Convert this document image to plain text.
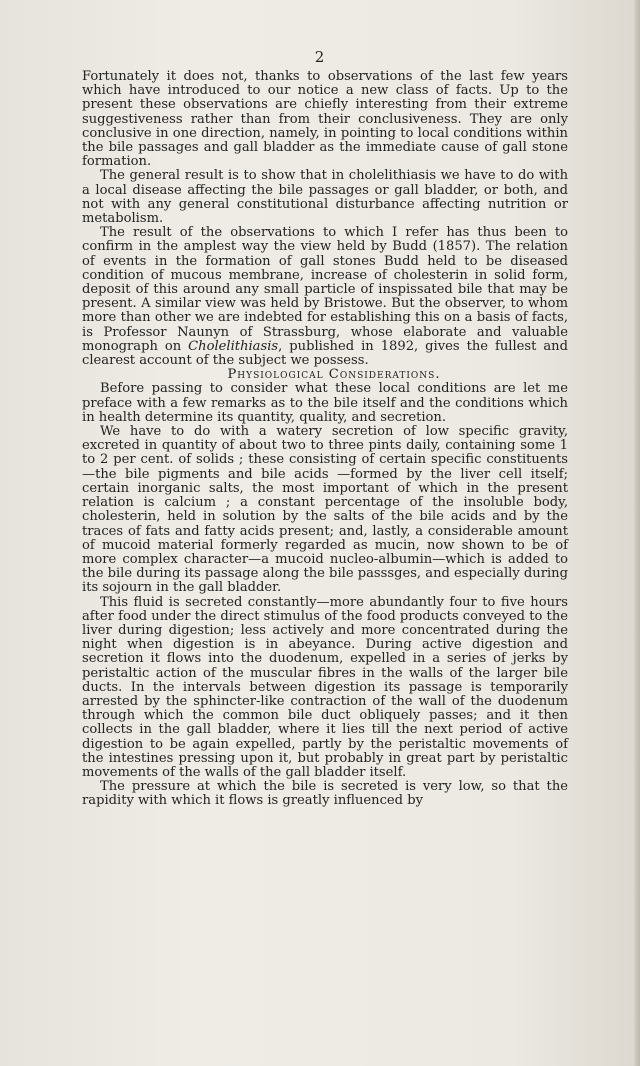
2

Fortunately it does not, thanks to observations of the last few years which have introduced to our notice a new class of facts. Up to the present these observations are chiefly interesting from their extreme suggestiveness rather than from their conclusiveness. They are only conclusive in one direction, namely, in pointing to local conditions within the bile passages and gall bladder as the immediate cause of gall stone formation.

The general result is to show that in cholelithiasis we have to do with a local disease affecting the bile passages or gall bladder, or both, and not with any general constitutional disturbance affecting nutrition or metabolism.

The result of the observations to which I refer has thus been to confirm in the amplest way the view held by Budd (1857). The relation of events in the formation of gall stones Budd held to be diseased condition of mucous membrane, increase of cholesterin in solid form, deposit of this around any small particle of inspissated bile that may be present. A similar view was held by Bristowe. But the observer, to whom more than other we are indebted for establishing this on a basis of facts, is Professor Naunyn of Strassburg, whose elaborate and valuable monograph on Cholelithiasis, published in 1892, gives the fullest and clearest account of the subject we possess.

Physiological Considerations.

Before passing to consider what these local conditions are let me preface with a few remarks as to the bile itself and the conditions which in health determine its quantity, quality, and secretion.

We have to do with a watery secretion of low specific gravity, excreted in quantity of about two to three pints daily, containing some 1 to 2 per cent. of solids ; these consisting of certain specific constituents—the bile pigments and bile acids —formed by the liver cell itself; certain inorganic salts, the most important of which in the present relation is calcium ; a constant percentage of the insoluble body, cholesterin, held in solution by the salts of the bile acids and by the traces of fats and fatty acids present; and, lastly, a considerable amount of mucoid material formerly regarded as mucin, now shown to be of more complex character—a mucoid nucleo-albumin—which is added to the bile during its passage along the bile passsges, and especially during its sojourn in the gall bladder.

This fluid is secreted constantly—more abundantly four to five hours after food under the direct stimulus of the food products conveyed to the liver during digestion; less actively and more concentrated during the night when digestion is in abeyance. During active digestion and secretion it flows into the duodenum, expelled in a series of jerks by peristaltic action of the muscular fibres in the walls of the larger bile ducts. In the intervals between digestion its passage is temporarily arrested by the sphincter-like contraction of the wall of the duodenum through which the common bile duct obliquely passes; and it then collects in the gall bladder, where it lies till the next period of active digestion to be again expelled, partly by the peristaltic movements of the intestines pressing upon it, but probably in great part by peristaltic movements of the walls of the gall bladder itself.

The pressure at which the bile is secreted is very low, so that the rapidity with which it flows is greatly influenced by
